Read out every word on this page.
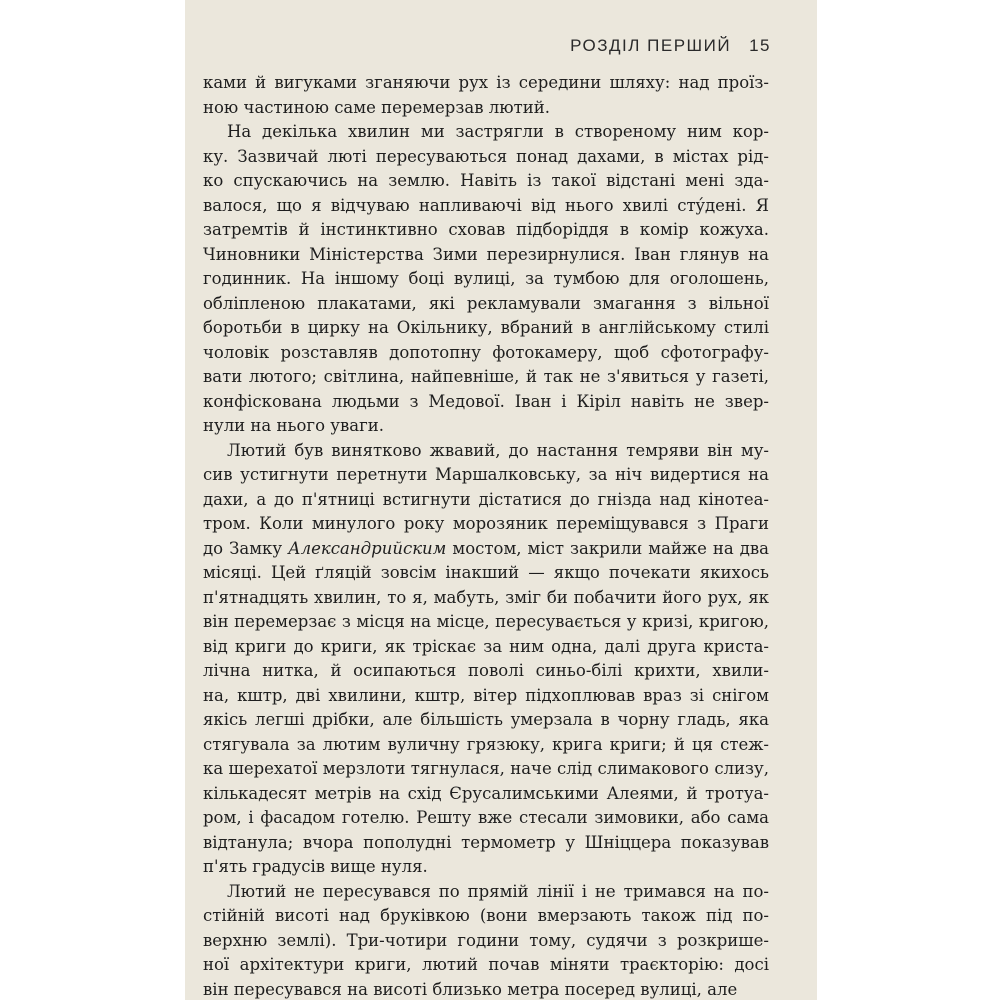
РОЗДІЛ ПЕРШИЙ 15

ками й вигуками зганяючи рух із середини шляху: над проїз-
ною частиною саме перемерзав лютий.

На декілька хвилин ми застрягли в створеному ним кор-
ку. Зазвичай люті пересуваються понад дахами, в містах рід-
ко спускаючись на землю. Навіть із такої відстані мені зда-
валося, що я відчуваю напливаючі від нього хвилі стýдені. Я
затремтів й інстинктивно сховав підборіддя в комір кожуха.
Чиновники Міністерства Зими перезирнулися. Іван глянув на
годинник. На іншому боці вулиці, за тумбою для оголошень,
обліпленою плакатами, які рекламували змагання з вільної
боротьби в цирку на Окільнику, вбраний в англійському стилі
чоловік розставляв допотопну фотокамеру, щоб сфотографу-
вати лютого; світлина, найпевніше, й так не з'явиться у газеті,
конфіскована людьми з Медової. Іван і Кіріл навіть не звер-
нули на нього уваги.

Лютий був винятково жвавий, до настання темряви він му-
сив устигнути перетнути Маршалковську, за ніч видертися на
дахи, а до п'ятниці встигнути дістатися до гнізда над кінотеа-
тром. Коли минулого року морозяник переміщувався з Праги
до Замку Александрийским мостом, міст закрили майже на два
місяці. Цей ґляцій зовсім інакший — якщо почекати якихось
п'ятнадцять хвилин, то я, мабуть, зміг би побачити його рух, як
він перемерзає з місця на місце, пересувається у кризі, кригою,
від криги до криги, як тріскає за ним одна, далі друга криста-
лічна нитка, й осипаються поволі синьо-білі крихти, хвили-
на, кштр, дві хвилини, кштр, вітер підхоплював враз зі снігом
якісь легші дрібки, але більшість умерзала в чорну гладь, яка
стягувала за лютим вуличну грязюку, крига криги; й ця стеж-
ка шерехатої мерзлоти тягнулася, наче слід слимакового слизу,
кількадесят метрів на схід Єрусалимськими Алеями, й тротуа-
ром, і фасадом готелю. Решту вже стесали зимовики, або сама
відтанула; вчора пополудні термометр у Шніццера показував
п'ять градусів вище нуля.

Лютий не пересувався по прямій лінії і не тримався на по-
стійній висоті над бруківкою (вони вмерзають також під по-
верхню землі). Три-чотири години тому, судячи з розкрише-
ної архітектури криги, лютий почав міняти траєкторію: досі
він пересувався на висоті близько метра посеред вулиці, але
